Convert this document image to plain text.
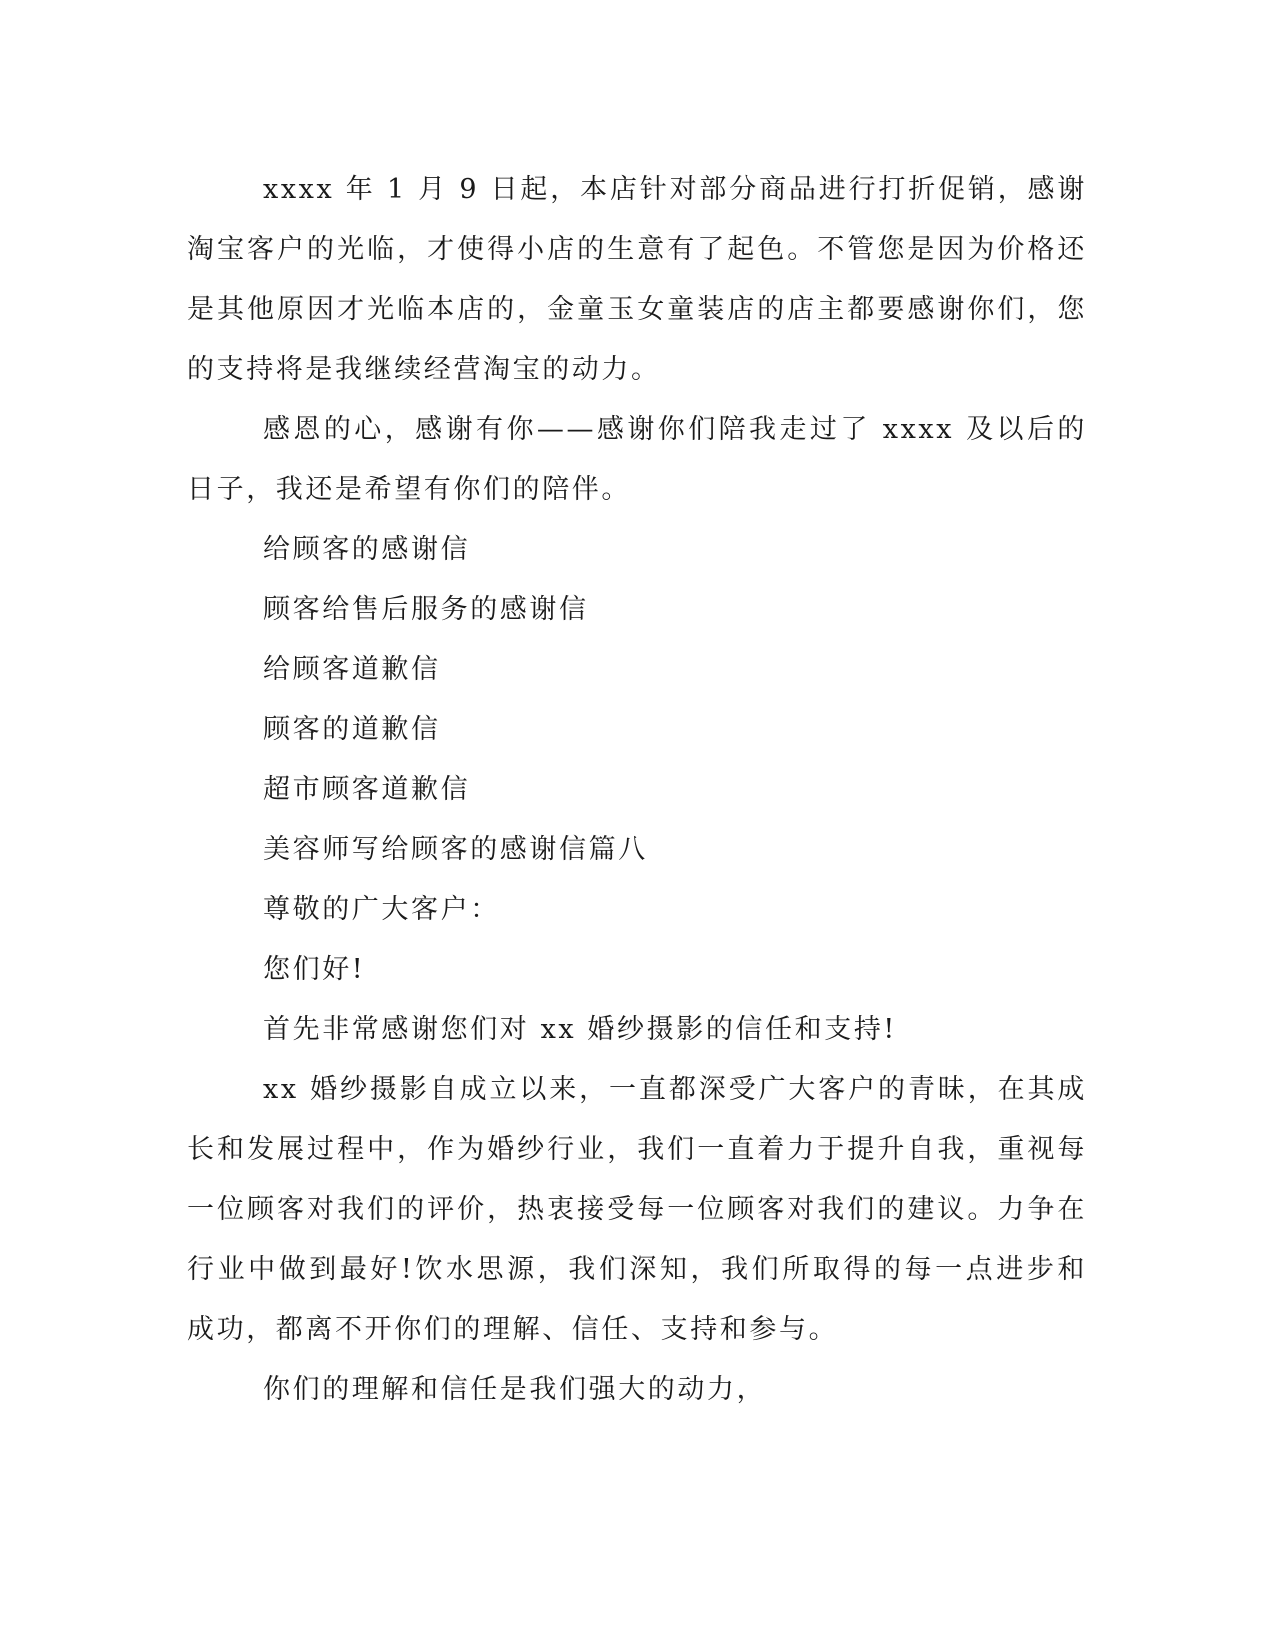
xxxx 年 1 月 9 日起，本店针对部分商品进行打折促销，感谢淘宝客户的光临，才使得小店的生意有了起色。不管您是因为价格还是其他原因才光临本店的，金童玉女童装店的店主都要感谢你们，您的支持将是我继续经营淘宝的动力。

感恩的心，感谢有你——感谢你们陪我走过了 xxxx 及以后的日子，我还是希望有你们的陪伴。

给顾客的感谢信

顾客给售后服务的感谢信

给顾客道歉信

顾客的道歉信

超市顾客道歉信

美容师写给顾客的感谢信篇八

尊敬的广大客户：

您们好!

首先非常感谢您们对 xx 婚纱摄影的信任和支持!

xx 婚纱摄影自成立以来，一直都深受广大客户的青昧，在其成长和发展过程中，作为婚纱行业，我们一直着力于提升自我，重视每一位顾客对我们的评价，热衷接受每一位顾客对我们的建议。力争在行业中做到最好!饮水思源，我们深知，我们所取得的每一点进步和成功，都离不开你们的理解、信任、支持和参与。

你们的理解和信任是我们强大的动力，
